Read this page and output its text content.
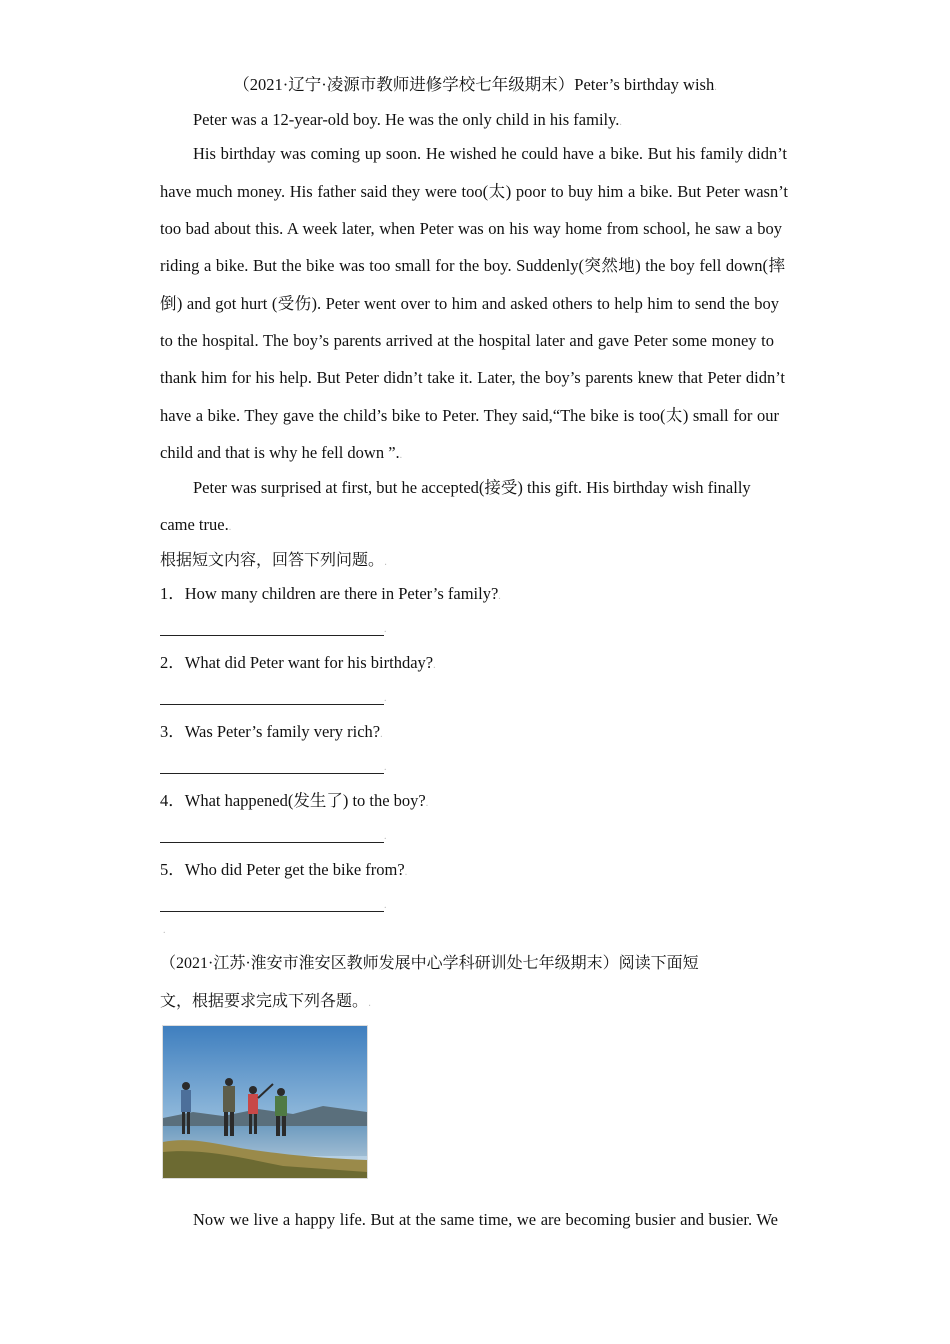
（2021·辽宁·凌源市教师进修学校七年级期末）Peter’s birthday wish.
Peter was a 12-year-old boy. He was the only child in his family..
His birthday was coming up soon. He wished he could have a bike. But his family didn’t
have much money. His father said they were too(太) poor to buy him a bike. But Peter wasn’t
too bad about this. A week later, when Peter was on his way home from school, he saw a boy
riding a bike. But the bike was too small for the boy. Suddenly(突然地) the boy fell down(摔
倒) and got hurt (受伤). Peter went over to him and asked others to help him to send the boy
to the hospital. The boy’s parents arrived at the hospital later and gave Peter some money to
thank him for his help. But Peter didn’t take it. Later, the boy’s parents knew that Peter didn’t
have a bike. They gave the child’s bike to Peter. They said,“The bike is too(太) small for our
child and that is why he fell down ”..
Peter was surprised at first, but he accepted(接受) this gift. His birthday wish finally
came true..
根据短文内容，回答下列问题。.
1．How many children are there in Peter’s family?.
.
2．What did Peter want for his birthday?.
.
3．Was Peter’s family very rich?.
.
4．What happened(发生了) to the boy?.
.
5．Who did Peter get the bike from?.
.
.
（2021·江苏·淮安市淮安区教师发展中心学科研训处七年级期末）阅读下面短
文，根据要求完成下列各题。.
Now we live a happy life. But at the same time, we are becoming busier and busier. We
